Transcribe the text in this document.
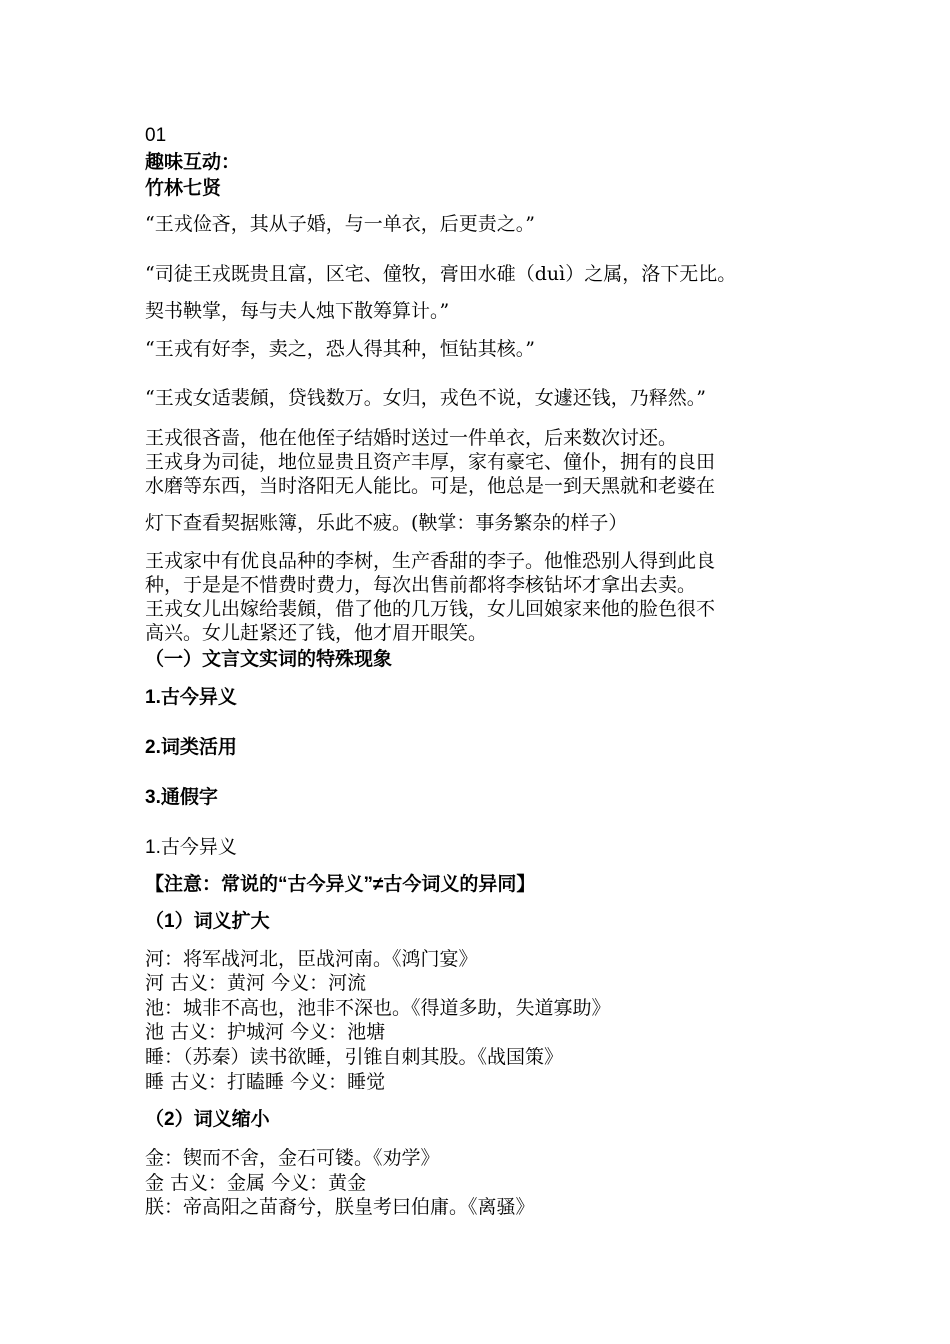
01
趣味互动：
竹林七贤
“王戎俭吝，其从子婚，与一单衣，后更责之。”
“司徒王戎既贵且富，区宅、僮牧，膏田水碓（duì）之属，洛下无比。
契书鞅掌，每与夫人烛下散筹算计。”
“王戎有好李，卖之，恐人得其种，恒钻其核。”
“王戎女适裴頠，贷钱数万。女归，戎色不说，女遽还钱，乃释然。”
王戎很吝啬，他在他侄子结婚时送过一件单衣，后来数次讨还。
王戎身为司徒，地位显贵且资产丰厚，家有豪宅、僮仆，拥有的良田
水磨等东西，当时洛阳无人能比。可是，他总是一到天黑就和老婆在
灯下查看契据账簿，乐此不疲。(鞅掌：事务繁杂的样子）
王戎家中有优良品种的李树，生产香甜的李子。他惟恐别人得到此良
种，于是是不惜费时费力，每次出售前都将李核钻坏才拿出去卖。
王戎女儿出嫁给裴頠，借了他的几万钱，女儿回娘家来他的脸色很不
高兴。女儿赶紧还了钱，他才眉开眼笑。
（一）文言文实词的特殊现象
1.古今异义
2.词类活用
3.通假字
1.古今异义
【注意：常说的“古今异义”≠古今词义的异同】
（1）词义扩大
河：将军战河北，臣战河南。《鸿门宴》
河 古义：黄河 今义：河流
池：城非不高也，池非不深也。《得道多助，失道寡助》
池 古义：护城河 今义：池塘
睡：（苏秦）读书欲睡，引锥自刺其股。《战国策》
睡 古义：打瞌睡 今义：睡觉
（2）词义缩小
金：锲而不舍，金石可镂。《劝学》
金 古义：金属 今义：黄金
朕：帝高阳之苗裔兮，朕皇考曰伯庸。《离骚》
